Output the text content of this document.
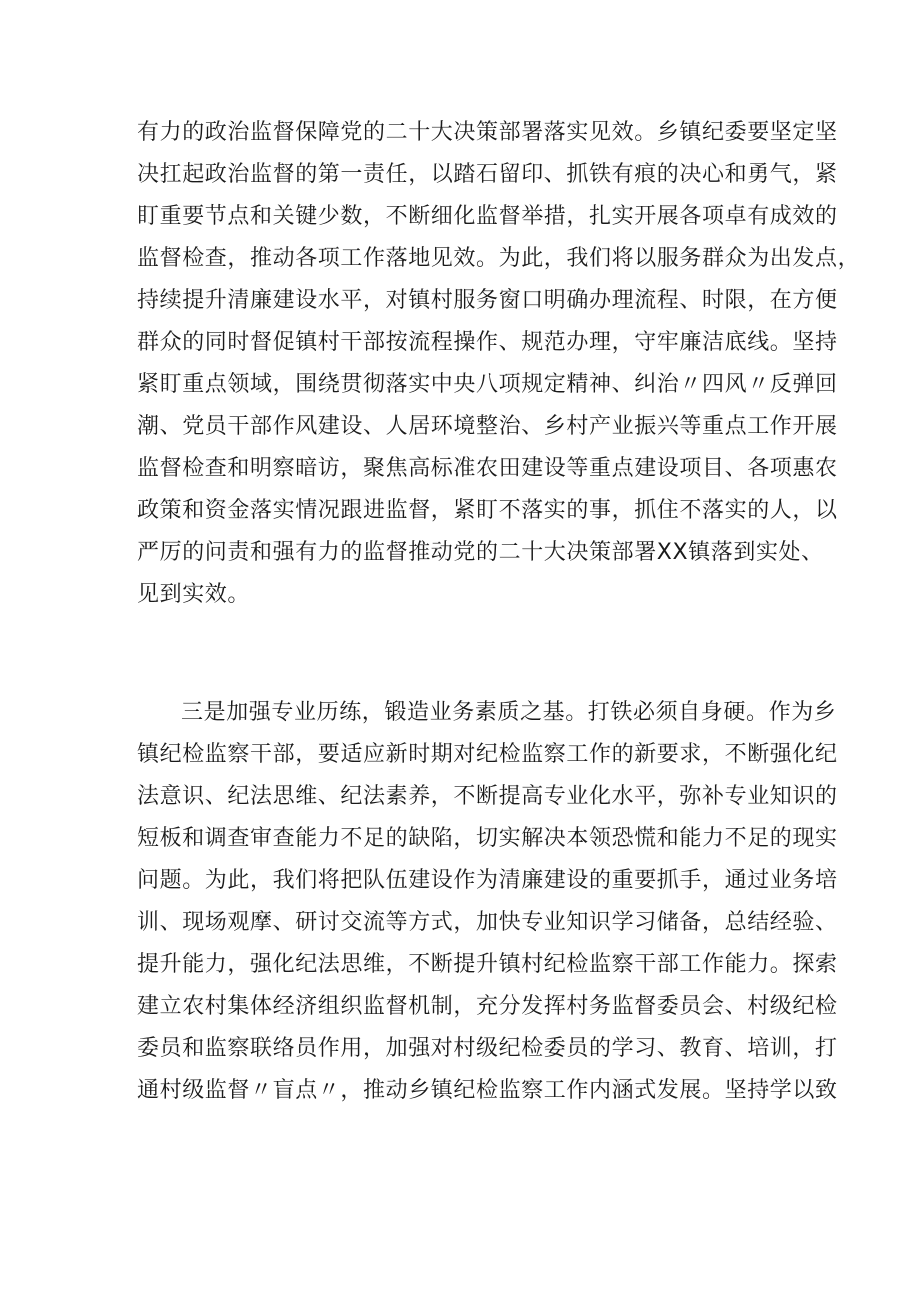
有力的政治监督保障党的二十大决策部署落实见效。乡镇纪委要坚定坚
决扛起政治监督的第一责任，以踏石留印、抓铁有痕的决心和勇气，紧
盯重要节点和关键少数，不断细化监督举措，扎实开展各项卓有成效的
监督检查，推动各项工作落地见效。为此，我们将以服务群众为出发点，
持续提升清廉建设水平，对镇村服务窗口明确办理流程、时限，在方便
群众的同时督促镇村干部按流程操作、规范办理，守牢廉洁底线。坚持
紧盯重点领域，围绕贯彻落实中央八项规定精神、纠治〃四风〃反弹回
潮、党员干部作风建设、人居环境整治、乡村产业振兴等重点工作开展
监督检查和明察暗访，聚焦高标准农田建设等重点建设项目、各项惠农
政策和资金落实情况跟进监督，紧盯不落实的事，抓住不落实的人，以
严厉的问责和强有力的监督推动党的二十大决策部署XX镇落到实处、
见到实效。
三是加强专业历练，锻造业务素质之基。打铁必须自身硬。作为乡
镇纪检监察干部，要适应新时期对纪检监察工作的新要求，不断强化纪
法意识、纪法思维、纪法素养，不断提高专业化水平，弥补专业知识的
短板和调查审查能力不足的缺陷，切实解决本领恐慌和能力不足的现实
问题。为此，我们将把队伍建设作为清廉建设的重要抓手，通过业务培
训、现场观摩、研讨交流等方式，加快专业知识学习储备，总结经验、
提升能力，强化纪法思维，不断提升镇村纪检监察干部工作能力。探索
建立农村集体经济组织监督机制，充分发挥村务监督委员会、村级纪检
委员和监察联络员作用，加强对村级纪检委员的学习、教育、培训，打
通村级监督〃盲点〃，推动乡镇纪检监察工作内涵式发展。坚持学以致
